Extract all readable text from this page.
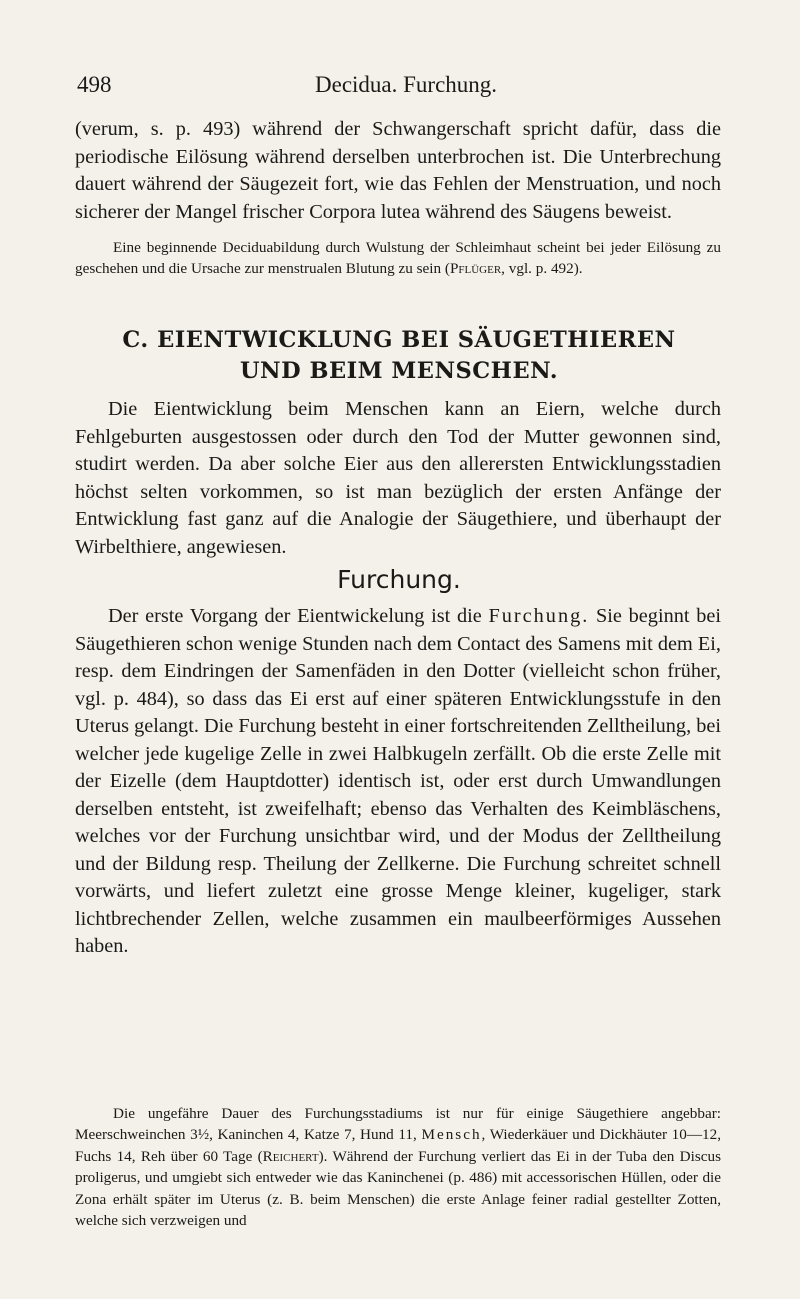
498	Decidua. Furchung.

(verum, s. p. 493) während der Schwangerschaft spricht dafür, dass die periodische Eilösung während derselben unterbrochen ist. Die Unterbrechung dauert während der Säugezeit fort, wie das Fehlen der Menstruation, und noch sicherer der Mangel frischer Corpora lutea während des Säugens beweist.

Eine beginnende Deciduabildung durch Wulstung der Schleimhaut scheint bei jeder Eilösung zu geschehen und die Ursache zur menstrualen Blutung zu sein (Pflüger, vgl. p. 492).

C. EIENTWICKLUNG BEI SÄUGETHIEREN
UND BEIM MENSCHEN.

Die Eientwicklung beim Menschen kann an Eiern, welche durch Fehlgeburten ausgestossen oder durch den Tod der Mutter gewonnen sind, studirt werden. Da aber solche Eier aus den allerersten Entwicklungsstadien höchst selten vorkommen, so ist man bezüglich der ersten Anfänge der Entwicklung fast ganz auf die Analogie der Säugethiere, und überhaupt der Wirbelthiere, angewiesen.

Furchung.

Der erste Vorgang der Eientwickelung ist die Furchung. Sie beginnt bei Säugethieren schon wenige Stunden nach dem Contact des Samens mit dem Ei, resp. dem Eindringen der Samenfäden in den Dotter (vielleicht schon früher, vgl. p. 484), so dass das Ei erst auf einer späteren Entwicklungsstufe in den Uterus gelangt. Die Furchung besteht in einer fortschreitenden Zelltheilung, bei welcher jede kugelige Zelle in zwei Halbkugeln zerfällt. Ob die erste Zelle mit der Eizelle (dem Hauptdotter) identisch ist, oder erst durch Umwandlungen derselben entsteht, ist zweifelhaft; ebenso das Verhalten des Keimbläschens, welches vor der Furchung unsichtbar wird, und der Modus der Zelltheilung und der Bildung resp. Theilung der Zellkerne. Die Furchung schreitet schnell vorwärts, und liefert zuletzt eine grosse Menge kleiner, kugeliger, stark lichtbrechender Zellen, welche zusammen ein maulbeerförmiges Aussehen haben.

Die ungefähre Dauer des Furchungsstadiums ist nur für einige Säugethiere angebbar: Meerschweinchen 3½, Kaninchen 4, Katze 7, Hund 11, Mensch, Wiederkäuer und Dickhäuter 10—12, Fuchs 14, Reh über 60 Tage (Reichert). Während der Furchung verliert das Ei in der Tuba den Discus proligerus, und umgiebt sich entweder wie das Kaninchenei (p. 486) mit accessorischen Hüllen, oder die Zona erhält später im Uterus (z. B. beim Menschen) die erste Anlage feiner radial gestellter Zotten, welche sich verzweigen und
